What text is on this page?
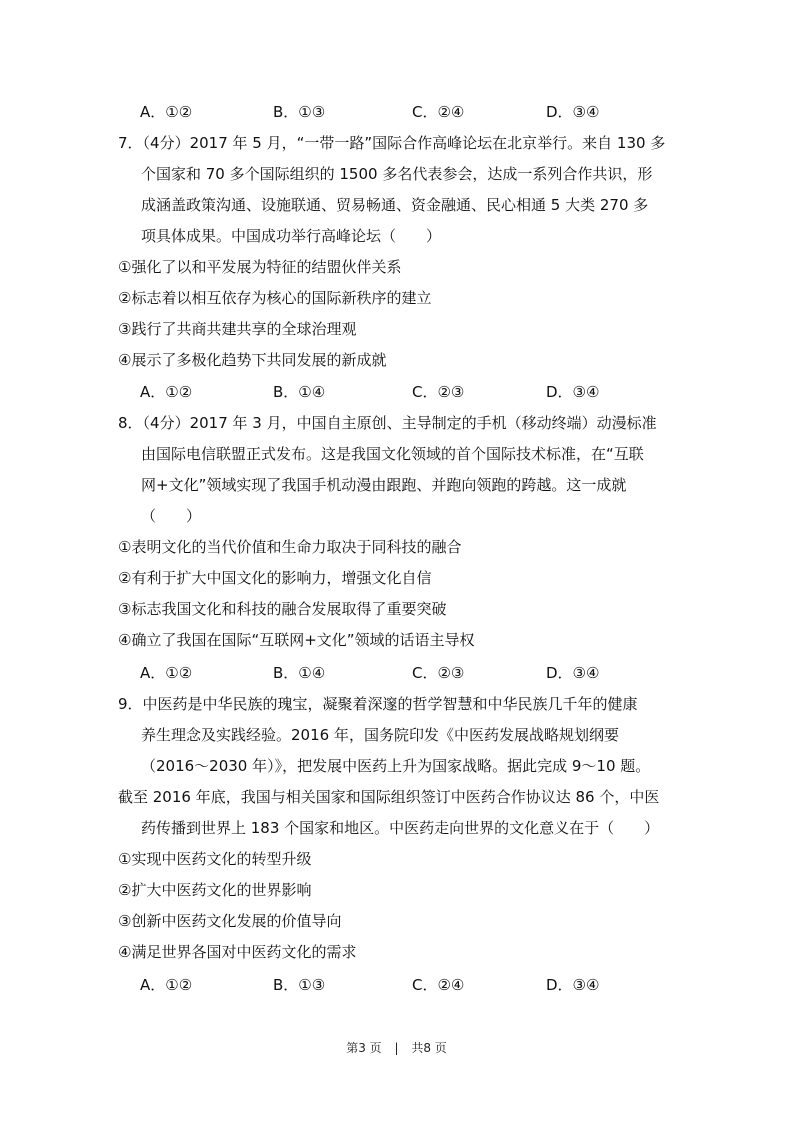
A．①②	B．①③	C．②④	D．③④
7．（4分）2017 年 5 月，“一带一路”国际合作高峰论坛在北京举行。来自 130 多
个国家和 70 多个国际组织的 1500 多名代表参会，达成一系列合作共识，形
成涵盖政策沟通、设施联通、贸易畅通、资金融通、民心相通 5 大类 270 多
项具体成果。中国成功举行高峰论坛（　　）
①强化了以和平发展为特征的结盟伙伴关系
②标志着以相互依存为核心的国际新秩序的建立
③践行了共商共建共享的全球治理观
④展示了多极化趋势下共同发展的新成就
A．①②	B．①④	C．②③	D．③④
8．（4分）2017 年 3 月，中国自主原创、主导制定的手机（移动终端）动漫标准
由国际电信联盟正式发布。这是我国文化领域的首个国际技术标准，在“互联
网+文化”领域实现了我国手机动漫由跟跑、并跑向领跑的跨越。这一成就
（　　）
①表明文化的当代价值和生命力取决于同科技的融合
②有利于扩大中国文化的影响力，增强文化自信
③标志我国文化和科技的融合发展取得了重要突破
④确立了我国在国际“互联网+文化”领域的话语主导权
A．①②	B．①④	C．②③	D．③④
9．中医药是中华民族的瑰宝，凝聚着深邃的哲学智慧和中华民族几千年的健康
养生理念及实践经验。2016 年，国务院印发《中医药发展战略规划纲要
（2016～2030 年）》，把发展中医药上升为国家战略。据此完成 9～10 题。
截至 2016 年底，我国与相关国家和国际组织签订中医药合作协议达 86 个，中医
药传播到世界上 183 个国家和地区。中医药走向世界的文化意义在于（　　）
①实现中医药文化的转型升级
②扩大中医药文化的世界影响
③创新中医药文化发展的价值导向
④满足世界各国对中医药文化的需求
A．①②	B．①③	C．②④	D．③④
第3 页 | 共8 页
